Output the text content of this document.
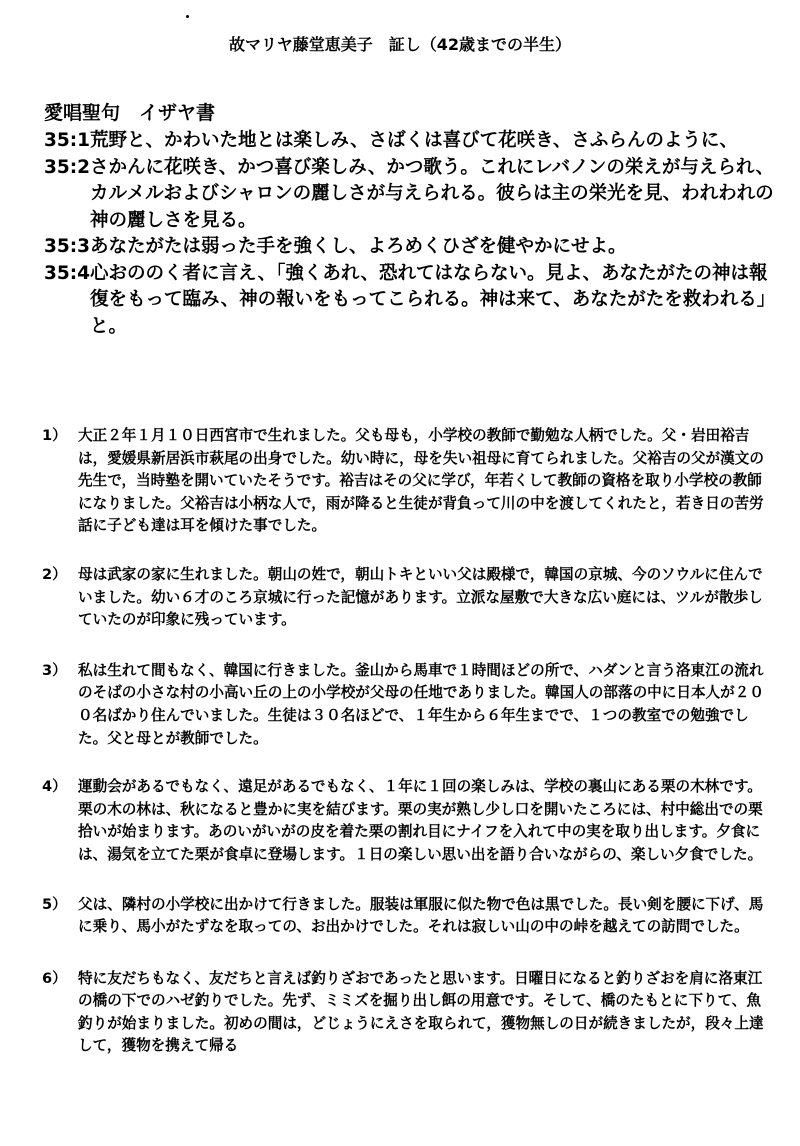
故マリヤ藤堂恵美子　証し（42歳までの半生）
愛唱聖句　イザヤ書
35:1 荒野と、かわいた地とは楽しみ、さばくは喜びて花咲き、さふらんのように、
35:2 さかんに花咲き、かつ喜び楽しみ、かつ歌う。これにレバノンの栄えが与えられ、カルメルおよびシャロンの麗しさが与えられる。彼らは主の栄光を見、われわれの神の麗しさを見る。
35:3 あなたがたは弱った手を強くし、よろめくひざを健やかにせよ。
35:4 心おののく者に言え、「強くあれ、恐れてはならない。見よ、あなたがたの神は報復をもって臨み、神の報いをもってこられる。神は来て、あなたがたを救われる」と。
1） 大正２年１月１０日西宮市で生れました。父も母も，小学校の教師で勤勉な人柄でした。父・岩田裕吉は，愛媛県新居浜市萩尾の出身でした。幼い時に，母を失い祖母に育てられました。父裕吉の父が漢文の先生で，当時塾を開いていたそうです。裕吉はその父に学び，年若くして教師の資格を取り小学校の教師になりました。父裕吉は小柄な人で，雨が降ると生徒が背負って川の中を渡してくれたと，若き日の苦労話に子ども達は耳を傾けた事でした。
2） 母は武家の家に生れました。朝山の姓で，朝山トキといい父は殿様で，韓国の京城、今のソウルに住んでいました。幼い６才のころ京城に行った記憶があります。立派な屋敷で大きな広い庭には、ツルが散歩していたのが印象に残っています。
3） 私は生れて間もなく、韓国に行きました。釜山から馬車で１時間ほどの所で、ハダンと言う洛東江の流れのそばの小さな村の小高い丘の上の小学校が父母の任地でありました。韓国人の部落の中に日本人が２００名ばかり住んでいました。生徒は３０名ほどで、１年生から６年生までで、１つの教室での勉強でした。父と母とが教師でした。
4） 運動会があるでもなく、遠足があるでもなく、１年に１回の楽しみは、学校の裏山にある栗の木林です。栗の木の林は、秋になると豊かに実を結びます。栗の実が熟し少し口を開いたころには、村中総出での栗拾いが始まります。あのいがいがの皮を着た栗の割れ目にナイフを入れて中の実を取り出します。夕食には、湯気を立てた栗が食卓に登場します。１日の楽しい思い出を語り合いながらの、楽しい夕食でした。
5） 父は、隣村の小学校に出かけて行きました。服装は軍服に似た物で色は黒でした。長い剣を腰に下げ、馬に乗り、馬小がたずなを取っての、お出かけでした。それは寂しい山の中の峠を越えての訪問でした。
6） 特に友だちもなく、友だちと言えば釣りざおであったと思います。日曜日になると釣りざおを肩に洛東江の橋の下でのハゼ釣りでした。先ず、ミミズを掘り出し餌の用意です。そして、橋のたもとに下りて、魚釣りが始まりました。初めの間は，どじょうにえさを取られて，獲物無しの日が続きましたが，段々上達して，獲物を携えて帰る
